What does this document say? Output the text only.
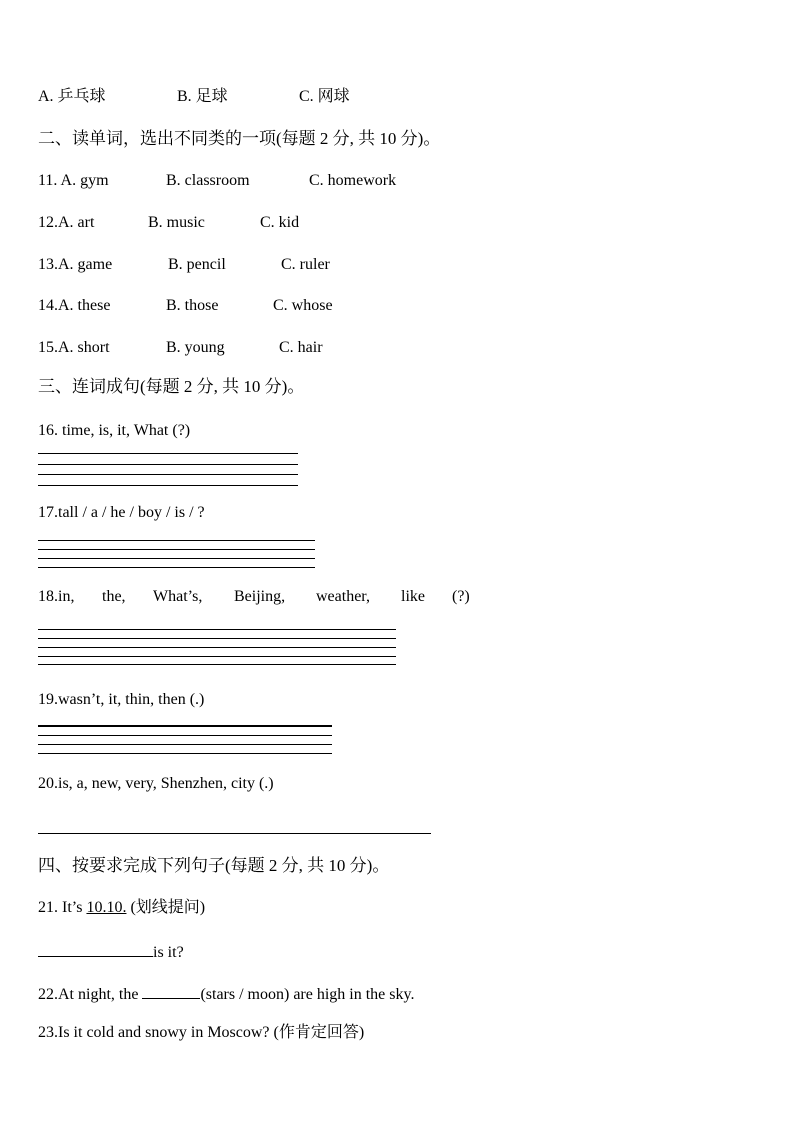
A. 乒乓球	B. 足球	C. 网球
二、读单词，选出不同类的一项(每题 2 分, 共 10 分)。
11. A. gym	B. classroom	C. homework
12.A. art	B. music	C. kid
13.A. game	B. pencil	C. ruler
14.A. these	B. those	C. whose
15.A. short	B. young	C. hair
三、连词成句(每题 2 分, 共 10 分)。
16. time, is, it, What (?)
17.tall / a / he / boy / is / ?
18.in, the, What’s, Beijing, weather, like (?)
19.wasn’t, it, thin, then (.)
20.is, a, new, very, Shenzhen, city (.)
四、按要求完成下列句子(每题 2 分, 共 10 分)。
21. It’s 10.10. (划线提问)
is it?
22.At night, the	(stars / moon) are high in the sky.
23.Is it cold and snowy in Moscow? (作肯定回答)
